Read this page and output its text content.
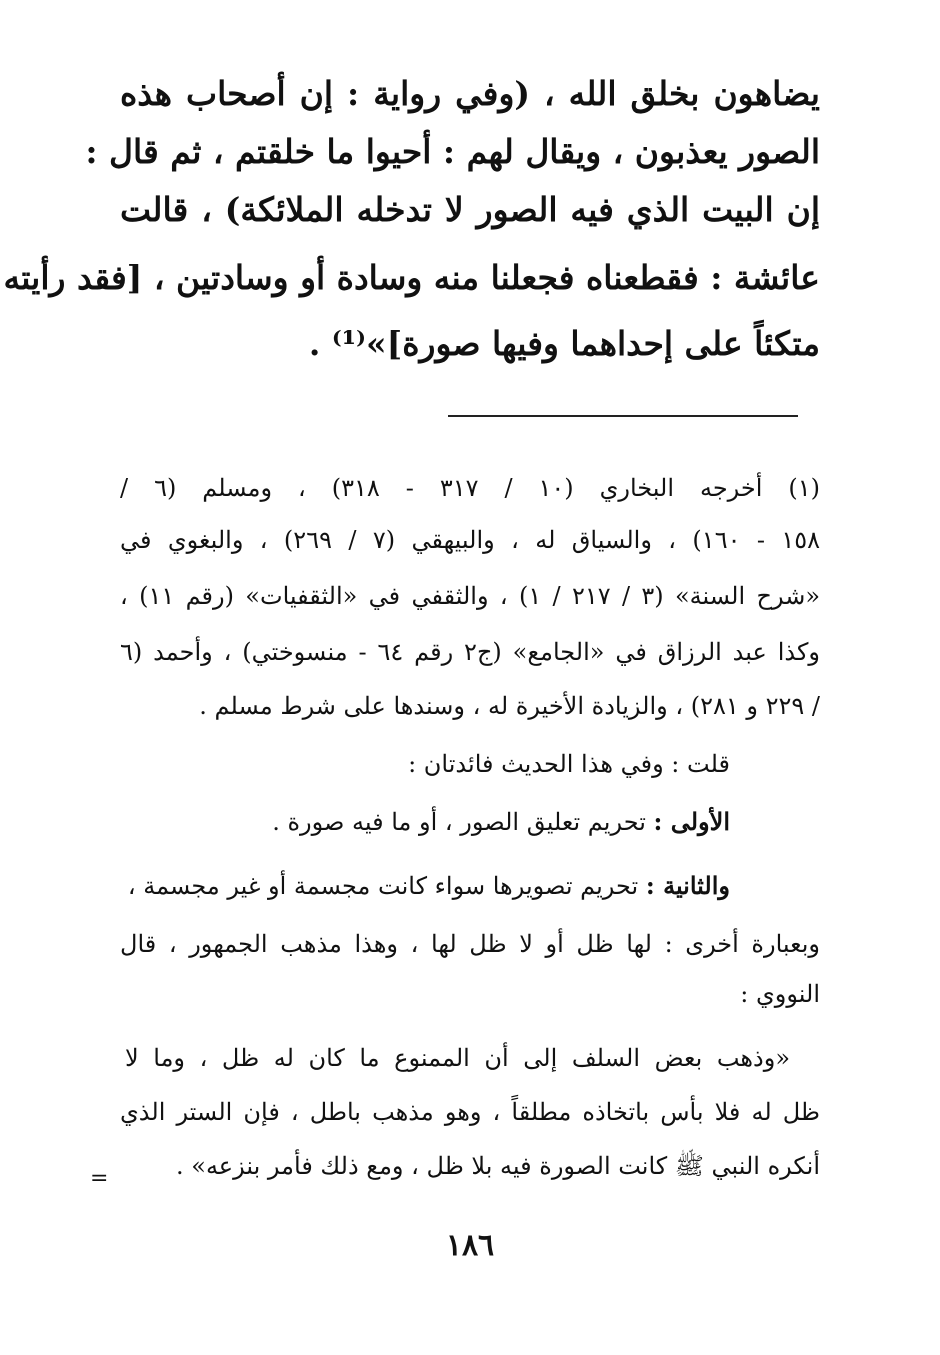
يضاهون بخلق الله ، (وفي رواية : إن أصحاب هذه
الصور يعذبون ، ويقال لهم : أحيوا ما خلقتم ، ثم قال :
إن البيت الذي فيه الصور لا تدخله الملائكة) ، قالت
عائشة : فقطعناه فجعلنا منه وسادة أو وسادتين ، [فقد رأيته
متكئاً على إحداهما وفيها صورة]»⁽¹⁾ .
(١) أخرجه البخاري (١٠ / ٣١٧ - ٣١٨) ، ومسلم (٦ /
١٥٨ - ١٦٠) ، والسياق له ، والبيهقي (٧ / ٢٦٩) ، والبغوي في
«شرح السنة» (٣ / ٢١٧ / ١) ، والثقفي في «الثقفيات» (رقم ١١) ،
وكذا عبد الرزاق في «الجامع» (ج٢ رقم ٦٤ - منسوختي) ، وأحمد (٦
/ ٢٢٩ و ٢٨١) ، والزيادة الأخيرة له ، وسندها على شرط مسلم .
قلت : وفي هذا الحديث فائدتان :
الأولى : تحريم تعليق الصور ، أو ما فيه صورة .
والثانية : تحريم تصويرها سواء كانت مجسمة أو غير مجسمة ،
وبعبارة أخرى : لها ظل أو لا ظل لها ، وهذا مذهب الجمهور ، قال
النووي :
«وذهب بعض السلف إلى أن الممنوع ما كان له ظل ، وما لا
ظل له فلا بأس باتخاذه مطلقاً ، وهو مذهب باطل ، فإن الستر الذي
أنكره النبي ﷺ كانت الصورة فيه بلا ظل ، ومع ذلك فأمر بنزعه» .
=
١٨٦
